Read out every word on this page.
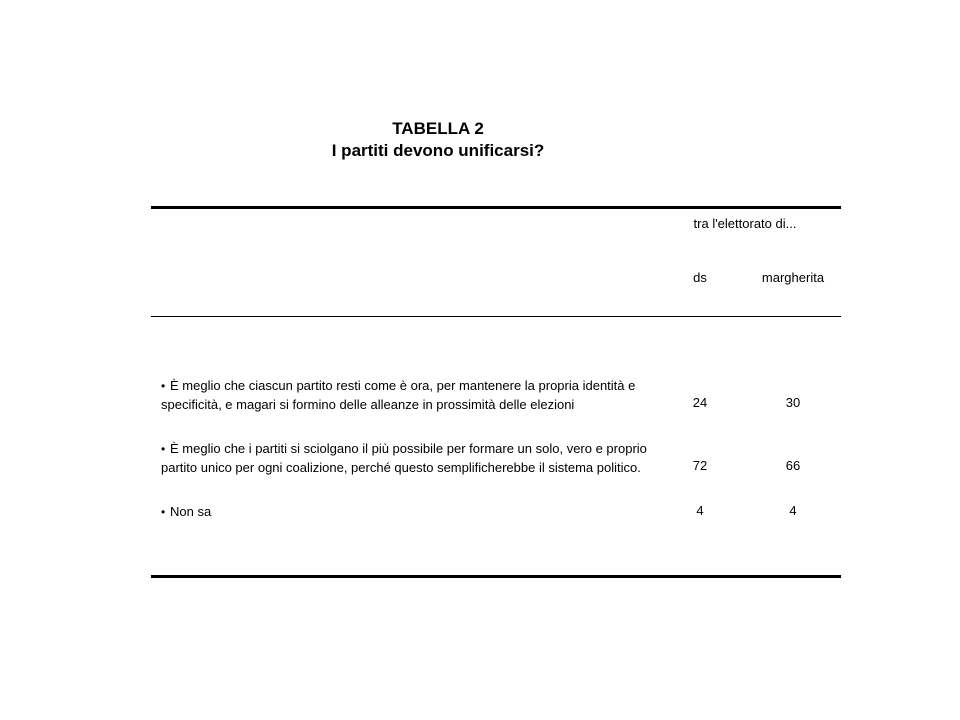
TABELLA 2
I partiti devono unificarsi?
tra l'elettorato di...
ds	margherita
• È meglio che ciascun partito resti come è ora, per mantenere la propria identità e specificità, e magari si formino delle alleanze in prossimità delle elezioni	24	30
• È meglio che i partiti si sciolgano il più possibile per formare un solo, vero e proprio partito unico per ogni coalizione, perché questo semplificherebbe il sistema politico.	72	66
• Non sa	4	4
